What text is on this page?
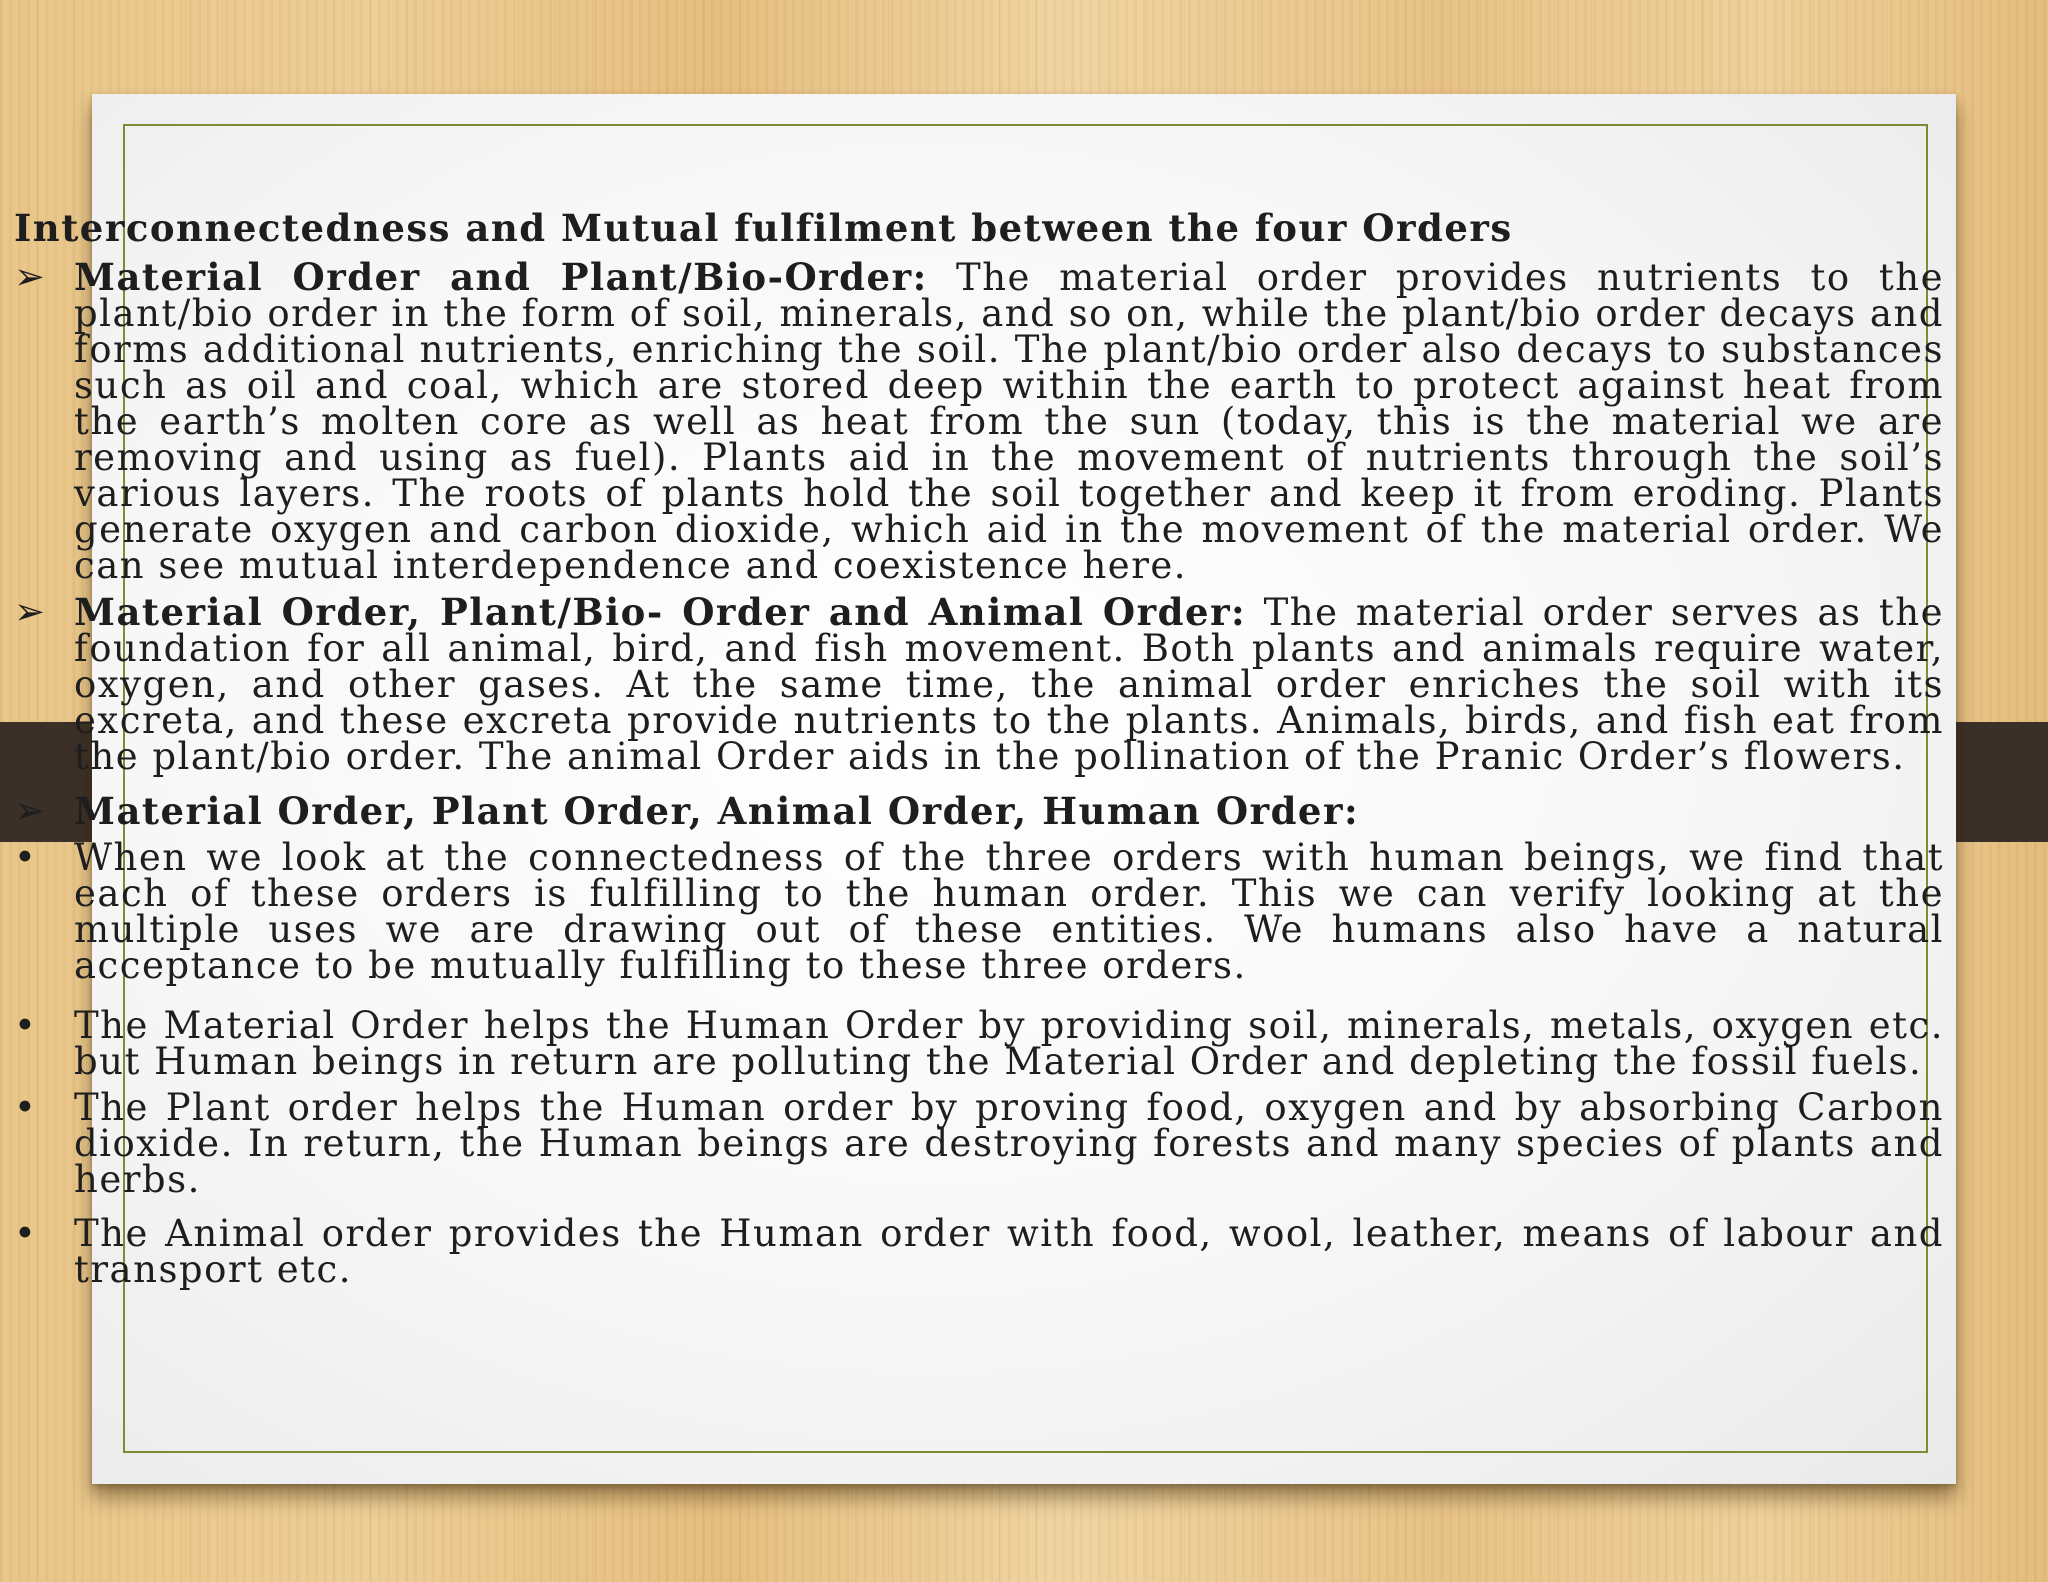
Interconnectedness and Mutual fulfilment between the four Orders
➢ Material Order and Plant/Bio-Order: The material order provides nutrients to the plant/bio order in the form of soil, minerals, and so on, while the plant/bio order decays and forms additional nutrients, enriching the soil. The plant/bio order also decays to substances such as oil and coal, which are stored deep within the earth to protect against heat from the earth’s molten core as well as heat from the sun (today, this is the material we are removing and using as fuel). Plants aid in the movement of nutrients through the soil’s various layers. The roots of plants hold the soil together and keep it from eroding. Plants generate oxygen and carbon dioxide, which aid in the movement of the material order. We can see mutual interdependence and coexistence here.
➢ Material Order, Plant/Bio- Order and Animal Order: The material order serves as the foundation for all animal, bird, and fish movement. Both plants and animals require water, oxygen, and other gases. At the same time, the animal order enriches the soil with its excreta, and these excreta provide nutrients to the plants. Animals, birds, and fish eat from the plant/bio order. The animal Order aids in the pollination of the Pranic Order’s flowers.
➢ Material Order, Plant Order, Animal Order, Human Order:
• When we look at the connectedness of the three orders with human beings, we find that each of these orders is fulfilling to the human order. This we can verify looking at the multiple uses we are drawing out of these entities. We humans also have a natural acceptance to be mutually fulfilling to these three orders.
• The Material Order helps the Human Order by providing soil, minerals, metals, oxygen etc. but Human beings in return are polluting the Material Order and depleting the fossil fuels.
• The Plant order helps the Human order by proving food, oxygen and by absorbing Carbon dioxide. In return, the Human beings are destroying forests and many species of plants and herbs.
• The Animal order provides the Human order with food, wool, leather, means of labour and transport etc.
